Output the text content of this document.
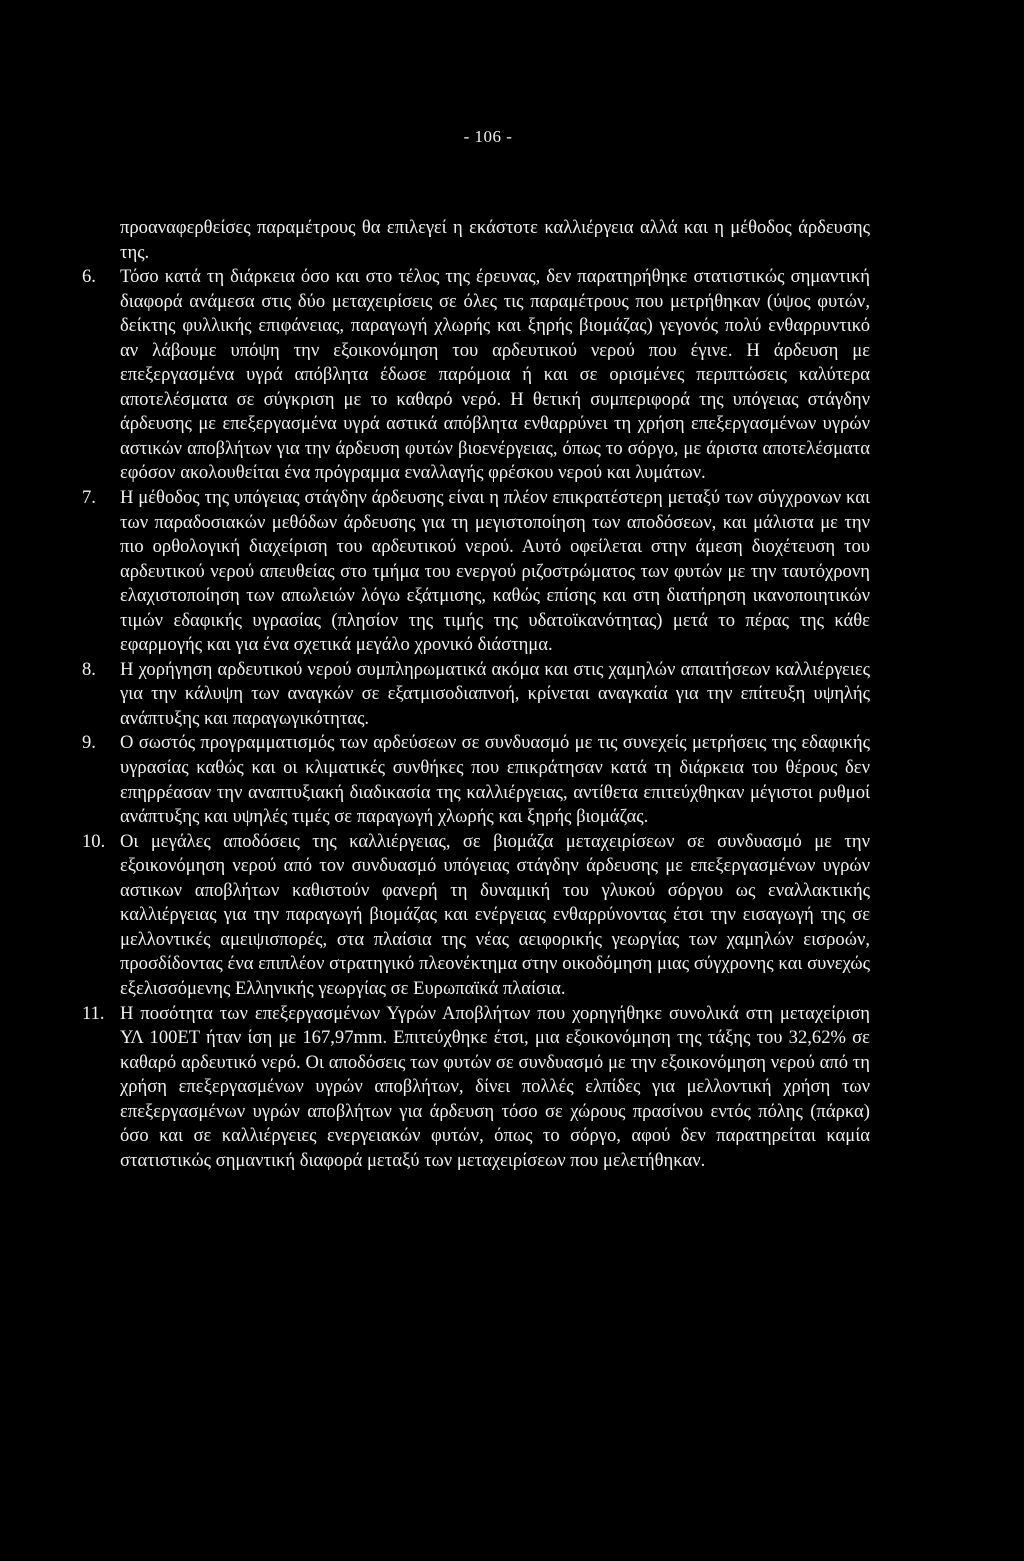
- 106 -
προαναφερθείσες παραμέτρους θα επιλεγεί η εκάστοτε καλλιέργεια αλλά και η μέθοδος άρδευσης της.
6.	Τόσο κατά τη διάρκεια όσο και στο τέλος της έρευνας, δεν παρατηρήθηκε στατιστικώς σημαντική διαφορά ανάμεσα στις δύο μεταχειρίσεις σε όλες τις παραμέτρους που μετρήθηκαν (ύψος φυτών, δείκτης φυλλικής επιφάνειας, παραγωγή χλωρής και ξηρής βιομάζας) γεγονός πολύ ενθαρρυντικό αν λάβουμε υπόψη την εξοικονόμηση του αρδευτικού νερού που έγινε. Η άρδευση με επεξεργασμένα υγρά απόβλητα έδωσε παρόμοια ή και σε ορισμένες περιπτώσεις καλύτερα αποτελέσματα σε σύγκριση με το καθαρό νερό. Η θετική συμπεριφορά της υπόγειας στάγδην άρδευσης με επεξεργασμένα υγρά αστικά απόβλητα ενθαρρύνει τη χρήση επεξεργασμένων υγρών αστικών αποβλήτων για την άρδευση φυτών βιοενέργειας, όπως το σόργο, με άριστα αποτελέσματα εφόσον ακολουθείται ένα πρόγραμμα εναλλαγής φρέσκου νερού και λυμάτων.
7.	Η μέθοδος της υπόγειας στάγδην άρδευσης είναι η πλέον επικρατέστερη μεταξύ των σύγχρονων και των παραδοσιακών μεθόδων άρδευσης για τη μεγιστοποίηση των αποδόσεων, και μάλιστα με την πιο ορθολογική διαχείριση του αρδευτικού νερού. Αυτό οφείλεται στην άμεση διοχέτευση του αρδευτικού νερού απευθείας στο τμήμα του ενεργού ριζοστρώματος των φυτών με την ταυτόχρονη ελαχιστοποίηση των απωλειών λόγω εξάτμισης, καθώς επίσης και στη διατήρηση ικανοποιητικών τιμών εδαφικής υγρασίας (πλησίον της τιμής της υδατοϊκανότητας) μετά το πέρας της κάθε εφαρμογής και για ένα σχετικά μεγάλο χρονικό διάστημα.
8.	Η χορήγηση αρδευτικού νερού συμπληρωματικά ακόμα και στις χαμηλών απαιτήσεων καλλιέργειες για την κάλυψη των αναγκών σε εξατμισοδιαπνοή, κρίνεται αναγκαία για την επίτευξη υψηλής ανάπτυξης και παραγωγικότητας.
9.	Ο σωστός προγραμματισμός των αρδεύσεων σε συνδυασμό με τις συνεχείς μετρήσεις της εδαφικής υγρασίας καθώς και οι κλιματικές συνθήκες που επικράτησαν κατά τη διάρκεια του θέρους δεν επηρρέασαν την αναπτυξιακή διαδικασία της καλλιέργειας, αντίθετα επιτεύχθηκαν μέγιστοι ρυθμοί ανάπτυξης και υψηλές τιμές σε παραγωγή χλωρής και ξηρής βιομάζας.
10. Οι μεγάλες αποδόσεις της καλλιέργειας, σε βιομάζα μεταχειρίσεων σε συνδυασμό με την εξοικονόμηση νερού από τον συνδυασμό υπόγειας στάγδην άρδευσης με επεξεργασμένων υγρών αστικων αποβλήτων καθιστούν φανερή τη δυναμική του γλυκού σόργου ως εναλλακτικής καλλιέργειας για την παραγωγή βιομάζας και ενέργειας ενθαρρύνοντας έτσι την εισαγωγή της σε μελλοντικές αμειψισπορές, στα πλαίσια της νέας αειφορικής γεωργίας των χαμηλών εισροών, προσδίδοντας ένα επιπλέον στρατηγικό πλεονέκτημα στην οικοδόμηση μιας σύγχρονης και συνεχώς εξελισσόμενης Ελληνικής γεωργίας σε Ευρωπαϊκά πλαίσια.
11. Η ποσότητα των επεξεργασμένων Υγρών Αποβλήτων που χορηγήθηκε συνολικά στη μεταχείριση ΥΛ 100ΕΤ ήταν ίση με 167,97mm. Επιτεύχθηκε έτσι, μια εξοικονόμηση της τάξης του 32,62% σε καθαρό αρδευτικό νερό. Οι αποδόσεις των φυτών σε συνδυασμό με την εξοικονόμηση νερού από τη χρήση επεξεργασμένων υγρών αποβλήτων, δίνει πολλές ελπίδες για μελλοντική χρήση των επεξεργασμένων υγρών αποβλήτων για άρδευση τόσο σε χώρους πρασίνου εντός πόλης (πάρκα) όσο και σε καλλιέργειες ενεργειακών φυτών, όπως το σόργο, αφού δεν παρατηρείται καμία στατιστικώς σημαντική διαφορά μεταξύ των μεταχειρίσεων που μελετήθηκαν.
